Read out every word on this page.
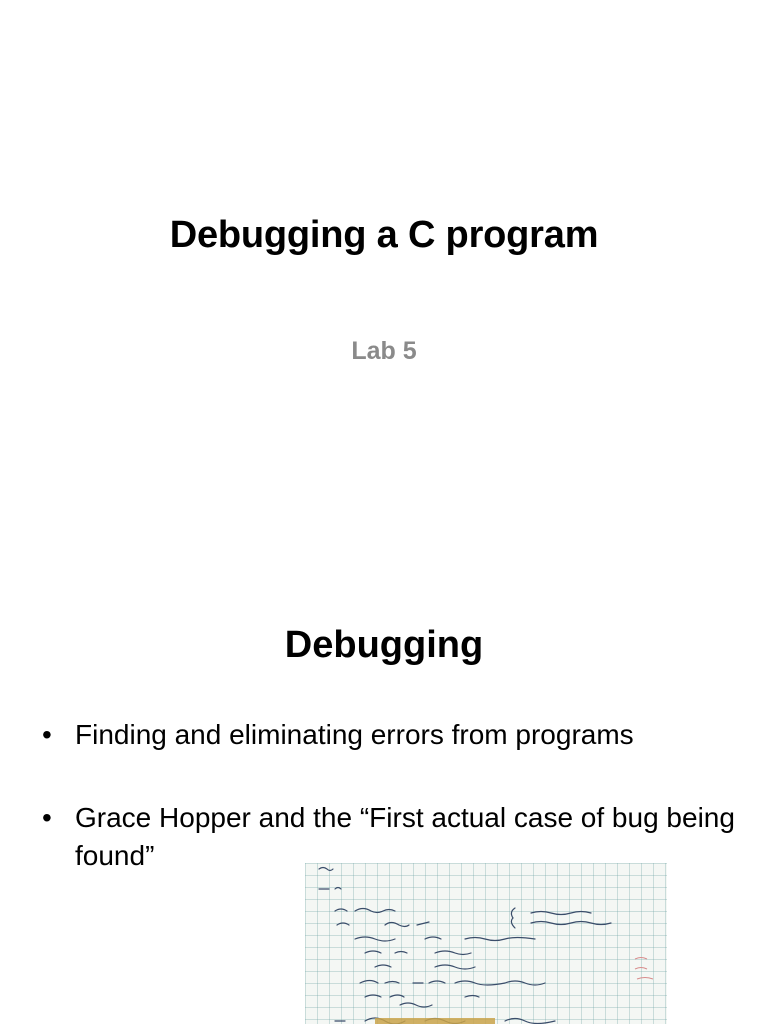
Debugging a C program
Lab 5
Debugging
• Finding and eliminating errors from programs
• Grace Hopper and the “First actual case of bug being found”
